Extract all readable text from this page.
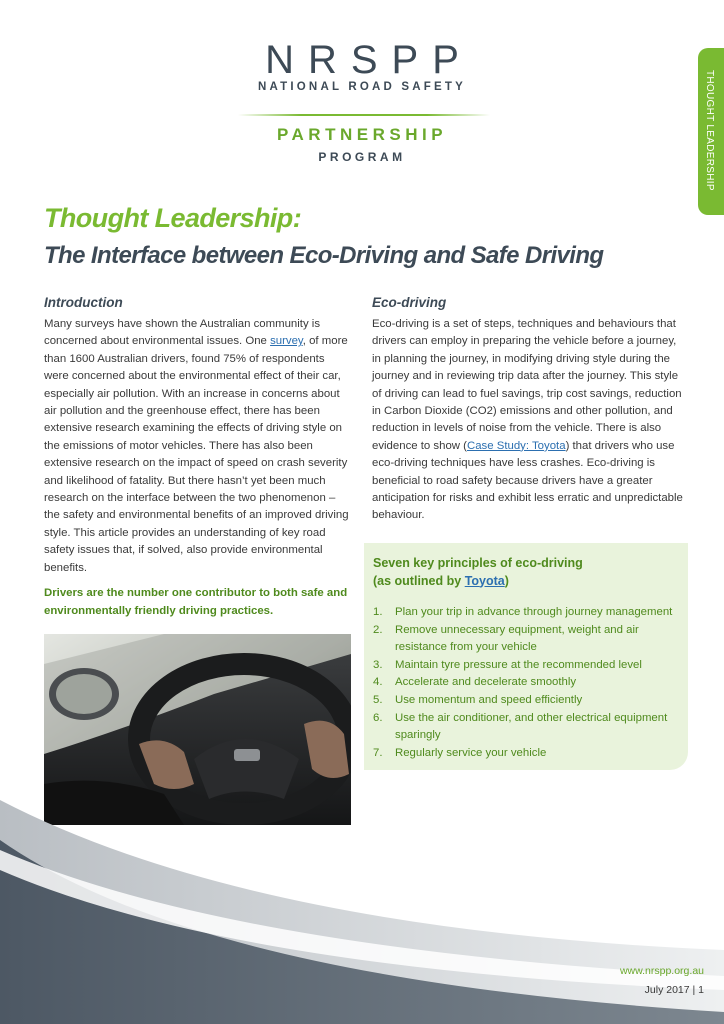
NRSPP
NATIONAL ROAD SAFETY
PARTNERSHIP
PROGRAM	THOUGHT LEADERSHIP
Thought Leadership:
The Interface between Eco-Driving and Safe Driving
Introduction
Many surveys have shown the Australian community is concerned about environmental issues. One survey, of more than 1600 Australian drivers, found 75% of respondents were concerned about the environmental effect of their car, especially air pollution. With an increase in concerns about air pollution and the greenhouse effect, there has been extensive research examining the effects of driving style on the emissions of motor vehicles. There has also been extensive research on the impact of speed on crash severity and likelihood of fatality. But there hasn’t yet been much research on the interface between the two phenomenon – the safety and environmental benefits of an improved driving style. This article provides an understanding of key road safety issues that, if solved, also provide environmental benefits.
Drivers are the number one contributor to both safe and environmentally friendly driving practices.
Eco-driving
Eco-driving is a set of steps, techniques and behaviours that drivers can employ in preparing the vehicle before a journey, in planning the journey, in modifying driving style during the journey and in reviewing trip data after the journey. This style of driving can lead to fuel savings, trip cost savings, reduction in Carbon Dioxide (CO2) emissions and other pollution, and reduction in levels of noise from the vehicle. There is also evidence to show (Case Study: Toyota) that drivers who use eco-driving techniques have less crashes. Eco-driving is beneficial to road safety because drivers have a greater anticipation for risks and exhibit less erratic and unpredictable behaviour.
Seven key principles of eco-driving
(as outlined by Toyota)
1. Plan your trip in advance through journey management
2. Remove unnecessary equipment, weight and air resistance from your vehicle
3. Maintain tyre pressure at the recommended level
4. Accelerate and decelerate smoothly
5. Use momentum and speed efficiently
6. Use the air conditioner, and other electrical equipment sparingly
7. Regularly service your vehicle
www.nrspp.org.au
July 2017 | 1
